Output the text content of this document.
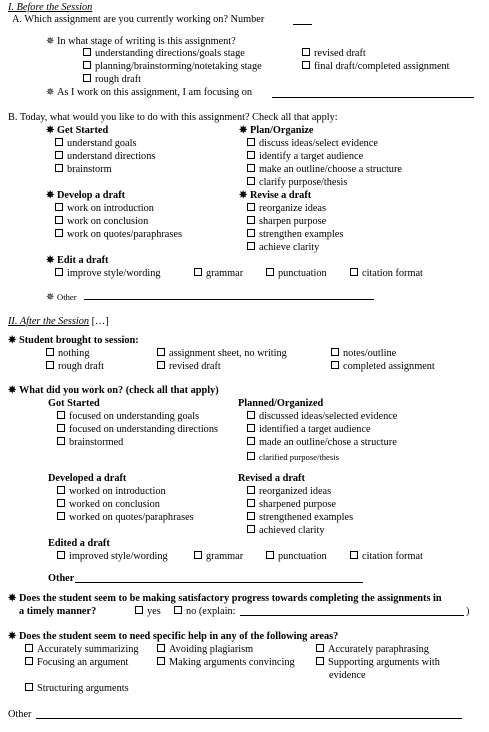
I. Before the Session
A. Which assignment are you currently working on? Number
✵ In what stage of writing is this assignment?
understanding directions/goals stage
planning/brainstorming/notetaking stage
rough draft
revised draft
final draft/completed assignment
✵ As I work on this assignment, I am focusing on
B. Today, what would you like to do with this assignment? Check all that apply:
✵ Get Started
understand goals
understand directions
brainstorm
✵ Plan/Organize
discuss ideas/select evidence
identify a target audience
make an outline/choose a structure
clarify purpose/thesis
✵ Develop a draft
work on introduction
work on conclusion
work on quotes/paraphrases
✵ Revise a draft
reorganize ideas
sharpen purpose
strengthen examples
achieve clarity
✵ Edit a draft
improve style/wording	grammar	punctuation	citation format
✵ Other
II. After the Session […]
✵ Student brought to session:
nothing	assignment sheet, no writing	notes/outline
rough draft	revised draft	completed assignment
✵ What did you work on? (check all that apply)
Got Started
focused on understanding goals
focused on understanding directions
brainstormed
Planned/Organized
discussed ideas/selected evidence
identified a target audience
made an outline/chose a structure
clarified purpose/thesis
Developed a draft
worked on introduction
worked on conclusion
worked on quotes/paraphrases
Revised a draft
reorganized ideas
sharpened purpose
strengthened examples
achieved clarity
Edited a draft
improved style/wording	grammar	punctuation	citation format
Other
✵ Does the student seem to be making satisfactory progress towards completing the assignments in
a timely manner?	yes	no (explain:	)
✵ Does the student seem to need specific help in any of the following areas?
Accurately summarizing	Avoiding plagiarism	Accurately paraphrasing
Focusing an argument	Making arguments convincing	Supporting arguments with
evidence
Structuring arguments
Other
